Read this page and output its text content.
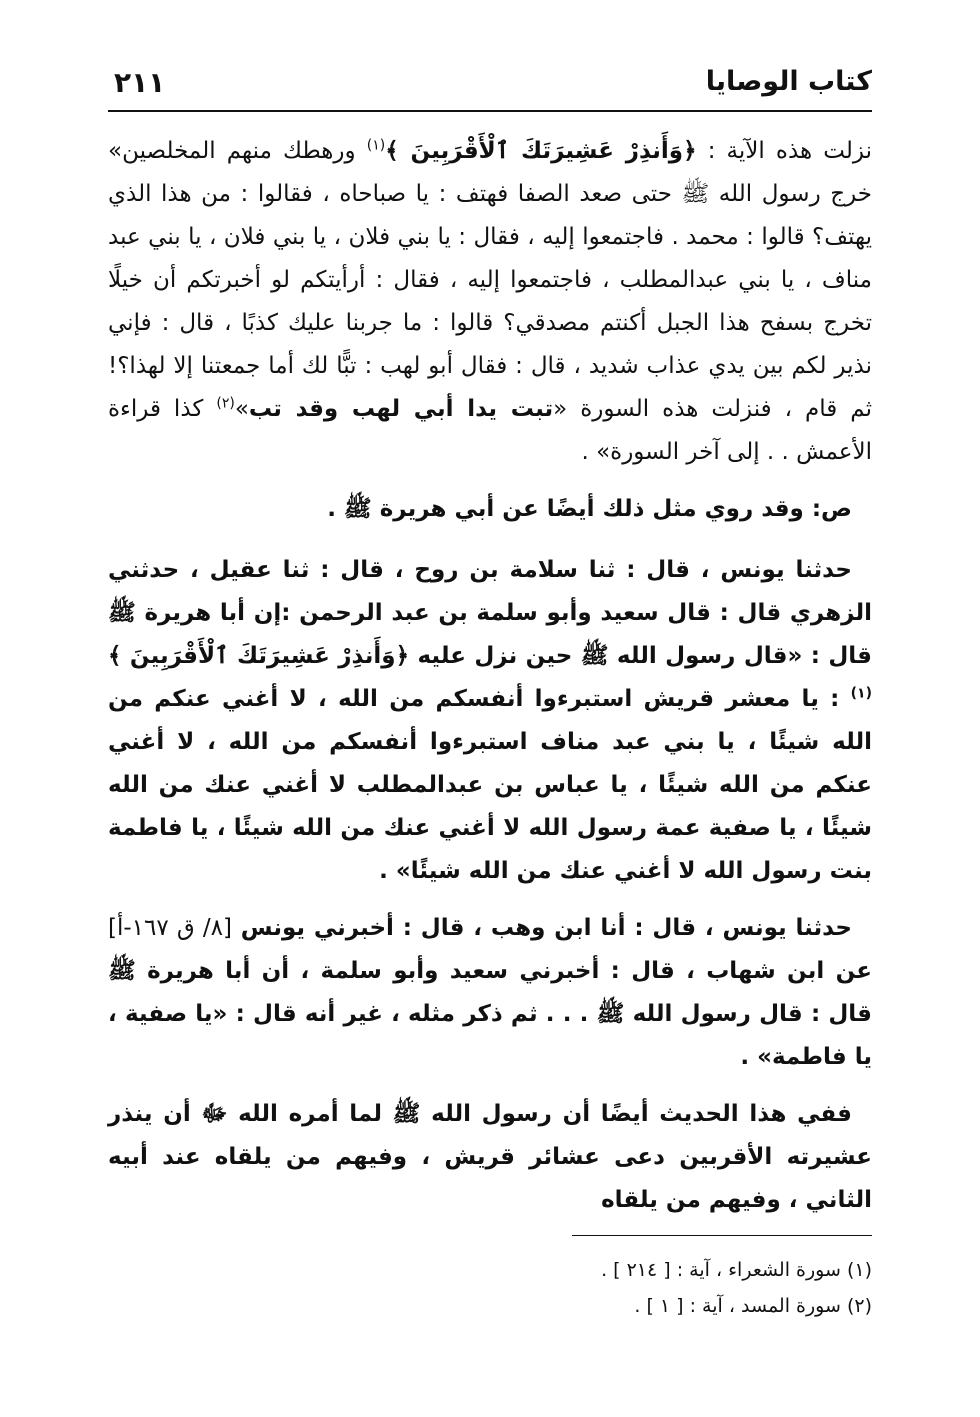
كتاب الوصايا
٢١١

نزلت هذه الآية : ﴿وَأَنذِرْ عَشِيرَتَكَ ٱلْأَقْرَبِينَ ﴾$^{(١)}$ ورهطك منهم المخلصين» خرج رسول الله ﷺ حتى صعد الصفا فهتف : يا صباحاه ، فقالوا : من هذا الذي يهتف؟ قالوا : محمد . فاجتمعوا إليه ، فقال : يا بني فلان ، يا بني فلان ، يا بني عبد مناف ، يا بني عبدالمطلب ، فاجتمعوا إليه ، فقال : أرأيتكم لو أخبرتكم أن خيلًا تخرج بسفح هذا الجبل أكنتم مصدقي؟ قالوا : ما جربنا عليك كذبًا ، قال : فإني نذير لكم بين يدي عذاب شديد ، قال : فقال أبو لهب : تبًّا لك أما جمعتنا إلا لهذا؟! ثم قام ، فنزلت هذه السورة «تبت يدا أبي لهب وقد تب»$^{(٢)}$ كذا قراءة الأعمش . . إلى آخر السورة» .

ص: وقد روي مثل ذلك أيضًا عن أبي هريرة ﷺ .

حدثنا يونس ، قال : ثنا سلامة بن روح ، قال : ثنا عقيل ، حدثني الزهري قال : قال سعيد وأبو سلمة بن عبد الرحمن :إن أبا هريرة ﷺ قال : «قال رسول الله ﷺ حين نزل عليه ﴿وَأَنذِرْ عَشِيرَتَكَ ٱلْأَقْرَبِينَ ﴾$^{(١)}$ : يا معشر قريش استبرءوا أنفسكم من الله ، لا أغني عنكم من الله شيئًا ، يا بني عبد مناف استبرءوا أنفسكم من الله ، لا أغني عنكم من الله شيئًا ، يا عباس بن عبدالمطلب لا أغني عنك من الله شيئًا ، يا صفية عمة رسول الله لا أغني عنك من الله شيئًا ، يا فاطمة بنت رسول الله لا أغني عنك من الله شيئًا» .

حدثنا يونس ، قال : أنا ابن وهب ، قال : أخبرني يونس [٨/ ق ١٦٧-أ] عن ابن شهاب ، قال : أخبرني سعيد وأبو سلمة ، أن أبا هريرة ﷺ قال : قال رسول الله ﷺ . . . ثم ذكر مثله ، غير أنه قال : «يا صفية ، يا فاطمة» .

ففي هذا الحديث أيضًا أن رسول الله ﷺ لما أمره الله ﷻ أن ينذر عشيرته الأقربين دعى عشائر قريش ، وفيهم من يلقاه عند أبيه الثاني ، وفيهم من يلقاه

(١) سورة الشعراء ، آية : [ ٢١٤ ] .
(٢) سورة المسد ، آية : [ ١ ] .
